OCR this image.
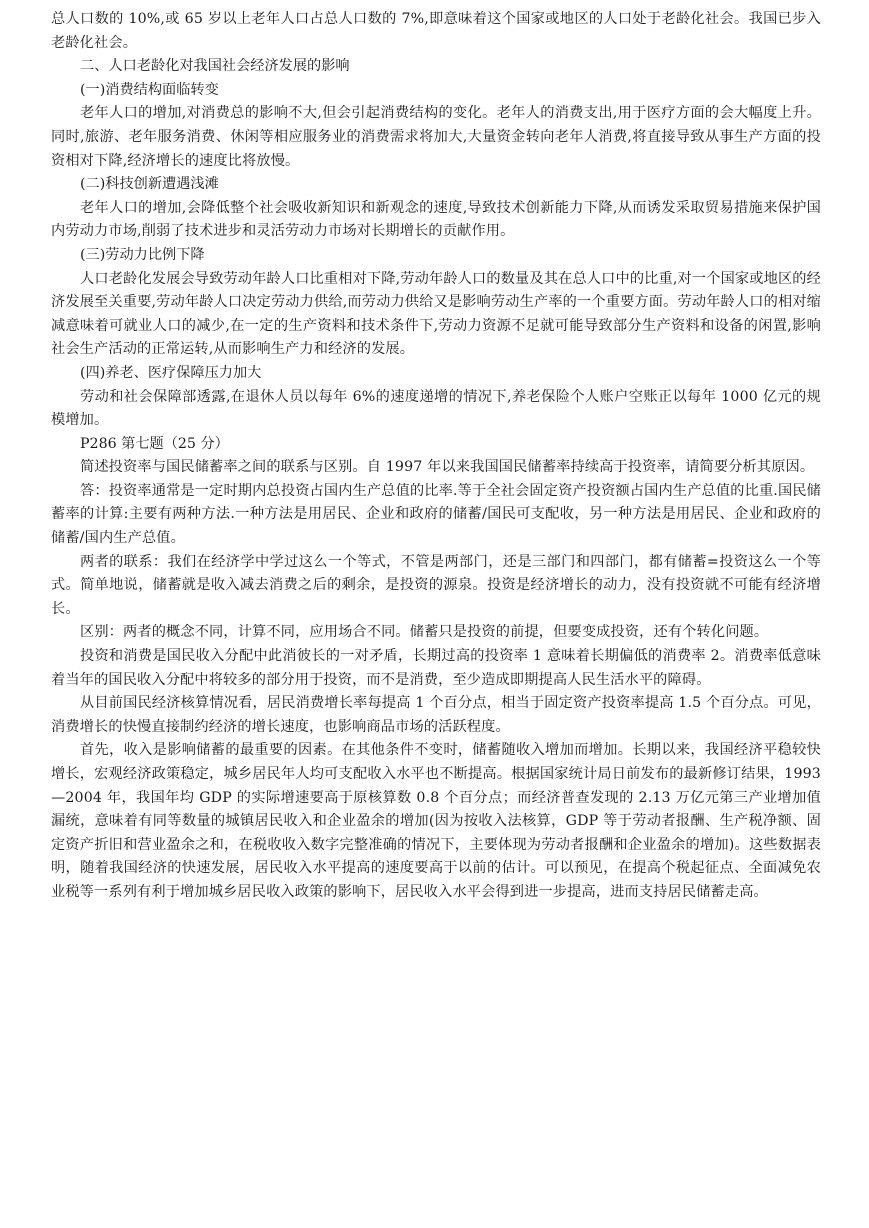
总人口数的 10%,或 65 岁以上老年人口占总人口数的 7%,即意味着这个国家或地区的人口处于老龄化社会。我国已步入老龄化社会。

二、人口老龄化对我国社会经济发展的影响

(一)消费结构面临转变

老年人口的增加,对消费总的影响不大,但会引起消费结构的变化。老年人的消费支出,用于医疗方面的会大幅度上升。同时,旅游、老年服务消费、休闲等相应服务业的消费需求将加大,大量资金转向老年人消费,将直接导致从事生产方面的投资相对下降,经济增长的速度比将放慢。

(二)科技创新遭遇浅滩

老年人口的增加,会降低整个社会吸收新知识和新观念的速度,导致技术创新能力下降,从而诱发采取贸易措施来保护国内劳动力市场,削弱了技术进步和灵活劳动力市场对长期增长的贡献作用。

(三)劳动力比例下降

人口老龄化发展会导致劳动年龄人口比重相对下降,劳动年龄人口的数量及其在总人口中的比重,对一个国家或地区的经济发展至关重要,劳动年龄人口决定劳动力供给,而劳动力供给又是影响劳动生产率的一个重要方面。劳动年龄人口的相对缩减意味着可就业人口的减少,在一定的生产资料和技术条件下,劳动力资源不足就可能导致部分生产资料和设备的闲置,影响社会生产活动的正常运转,从而影响生产力和经济的发展。

(四)养老、医疗保障压力加大

劳动和社会保障部透露,在退休人员以每年 6%的速度递增的情况下,养老保险个人账户空账正以每年 1000 亿元的规模增加。

P286 第七题（25 分）

简述投资率与国民储蓄率之间的联系与区别。自 1997 年以来我国国民储蓄率持续高于投资率，请简要分析其原因。

答：投资率通常是一定时期内总投资占国内生产总值的比率.等于全社会固定资产投资额占国内生产总值的比重.国民储蓄率的计算:主要有两种方法.一种方法是用居民、企业和政府的储蓄/国民可支配收，另一种方法是用居民、企业和政府的储蓄/国内生产总值。

两者的联系：我们在经济学中学过这么一个等式，不管是两部门，还是三部门和四部门，都有储蓄=投资这么一个等式。简单地说，储蓄就是收入减去消费之后的剩余，是投资的源泉。投资是经济增长的动力，没有投资就不可能有经济增长。

区别：两者的概念不同，计算不同，应用场合不同。储蓄只是投资的前提，但要变成投资，还有个转化问题。

投资和消费是国民收入分配中此消彼长的一对矛盾，长期过高的投资率 1 意味着长期偏低的消费率 2。消费率低意味着当年的国民收入分配中将较多的部分用于投资，而不是消费，至少造成即期提高人民生活水平的障碍。

从目前国民经济核算情况看，居民消费增长率每提高 1 个百分点，相当于固定资产投资率提高 1.5 个百分点。可见，消费增长的快慢直接制约经济的增长速度，也影响商品市场的活跃程度。

首先，收入是影响储蓄的最重要的因素。在其他条件不变时，储蓄随收入增加而增加。长期以来，我国经济平稳较快增长，宏观经济政策稳定，城乡居民年人均可支配收入水平也不断提高。根据国家统计局日前发布的最新修订结果，1993—2004 年，我国年均 GDP 的实际增速要高于原核算数 0.8 个百分点；而经济普查发现的 2.13 万亿元第三产业增加值漏统，意味着有同等数量的城镇居民收入和企业盈余的增加(因为按收入法核算，GDP 等于劳动者报酬、生产税净额、固定资产折旧和营业盈余之和，在税收收入数字完整准确的情况下，主要体现为劳动者报酬和企业盈余的增加)。这些数据表明，随着我国经济的快速发展，居民收入水平提高的速度要高于以前的估计。可以预见，在提高个税起征点、全面减免农业税等一系列有利于增加城乡居民收入政策的影响下，居民收入水平会得到进一步提高，进而支持居民储蓄走高。
